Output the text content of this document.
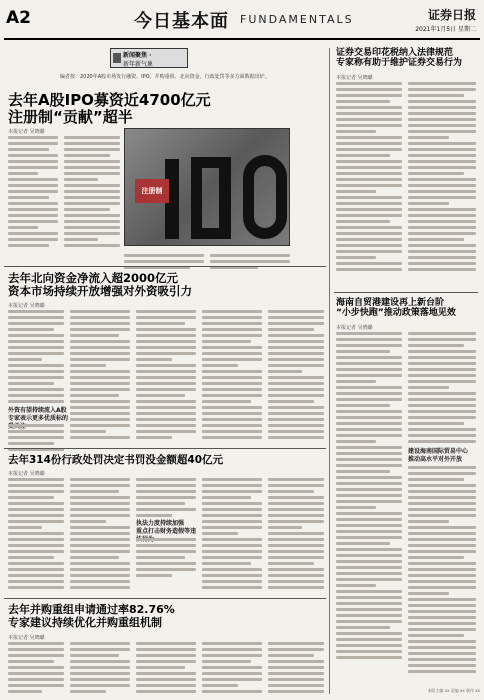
A2	今日基本面 FUNDAMENTALS	证券日报
2021年1月5日 星期二
新闻聚焦 ·
新年新气象
编者按：2020年A股市场发行融资、IPO、并购重组、北向资金、行政处罚等多方面数据出炉。
去年A股IPO募资近4700亿元
注册制“贡献”超半
本报记者 吴晓璐
注册制
证券交易印花税纳入法律规范
专家称有助于维护证券交易行为
本报记者 吴晓璐
去年北向资金净流入超2000亿元
资本市场持续开放增强对外资吸引力
本报记者 吴晓璐
外资有望持续流入A股
专家表示更多优质标的
去年314份行政处罚决定书罚没金额超40亿元
本报记者 吴晓璐
执法力度持续加强
重点打击财务造假等违
去年并购重组申请通过率82.76%
专家建议持续优化并购重组机制
本报记者 吴晓璐
海南自贸港建设再上新台阶
“小步快跑”推动政策落地见效
本报记者 吴晓璐
建设海南国际贸易中心
推动高水平对外开放
本版主编 xx 责编 xx 制作 xx
